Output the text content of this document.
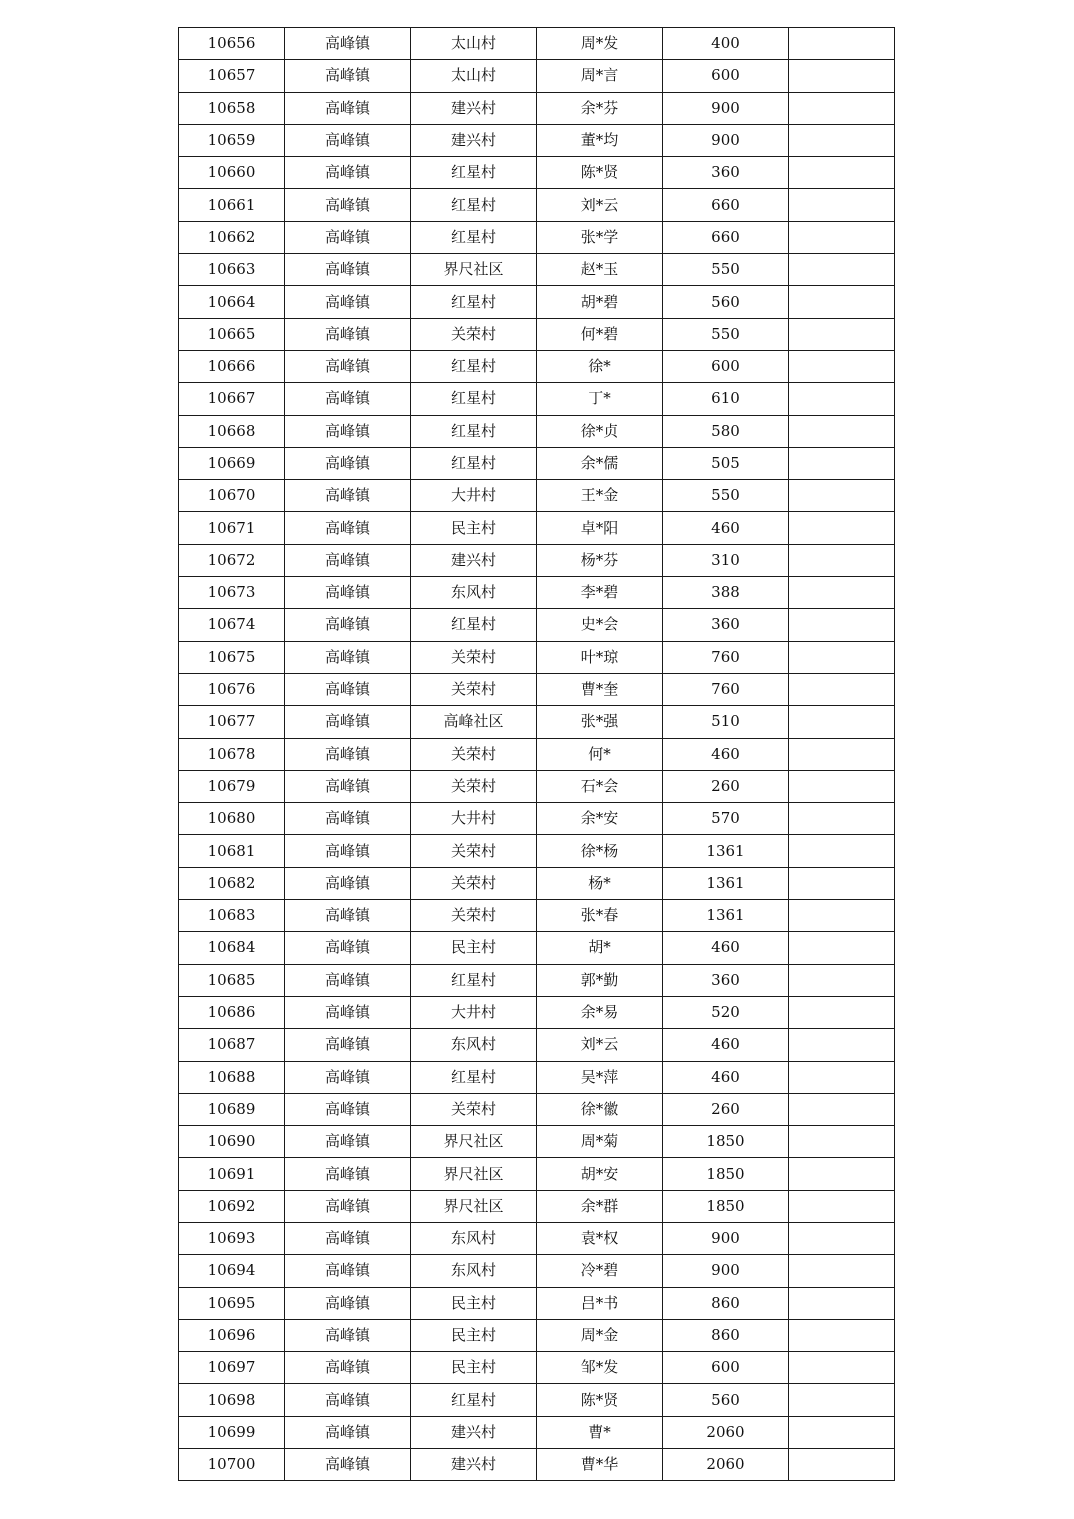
10656	高峰镇	太山村	周*发	400	
10657	高峰镇	太山村	周*言	600	
10658	高峰镇	建兴村	余*芬	900	
10659	高峰镇	建兴村	董*均	900	
10660	高峰镇	红星村	陈*贤	360	
10661	高峰镇	红星村	刘*云	660	
10662	高峰镇	红星村	张*学	660	
10663	高峰镇	界尺社区	赵*玉	550	
10664	高峰镇	红星村	胡*碧	560	
10665	高峰镇	关荣村	何*碧	550	
10666	高峰镇	红星村	徐*	600	
10667	高峰镇	红星村	丁*	610	
10668	高峰镇	红星村	徐*贞	580	
10669	高峰镇	红星村	余*儒	505	
10670	高峰镇	大井村	王*金	550	
10671	高峰镇	民主村	卓*阳	460	
10672	高峰镇	建兴村	杨*芬	310	
10673	高峰镇	东风村	李*碧	388	
10674	高峰镇	红星村	史*会	360	
10675	高峰镇	关荣村	叶*琼	760	
10676	高峰镇	关荣村	曹*奎	760	
10677	高峰镇	高峰社区	张*强	510	
10678	高峰镇	关荣村	何*	460	
10679	高峰镇	关荣村	石*会	260	
10680	高峰镇	大井村	余*安	570	
10681	高峰镇	关荣村	徐*杨	1361	
10682	高峰镇	关荣村	杨*	1361	
10683	高峰镇	关荣村	张*春	1361	
10684	高峰镇	民主村	胡*	460	
10685	高峰镇	红星村	郭*勤	360	
10686	高峰镇	大井村	余*易	520	
10687	高峰镇	东风村	刘*云	460	
10688	高峰镇	红星村	吴*萍	460	
10689	高峰镇	关荣村	徐*徽	260	
10690	高峰镇	界尺社区	周*菊	1850	
10691	高峰镇	界尺社区	胡*安	1850	
10692	高峰镇	界尺社区	余*群	1850	
10693	高峰镇	东风村	袁*权	900	
10694	高峰镇	东风村	冷*碧	900	
10695	高峰镇	民主村	吕*书	860	
10696	高峰镇	民主村	周*金	860	
10697	高峰镇	民主村	邹*发	600	
10698	高峰镇	红星村	陈*贤	560	
10699	高峰镇	建兴村	曹*	2060	
10700	高峰镇	建兴村	曹*华	2060	
